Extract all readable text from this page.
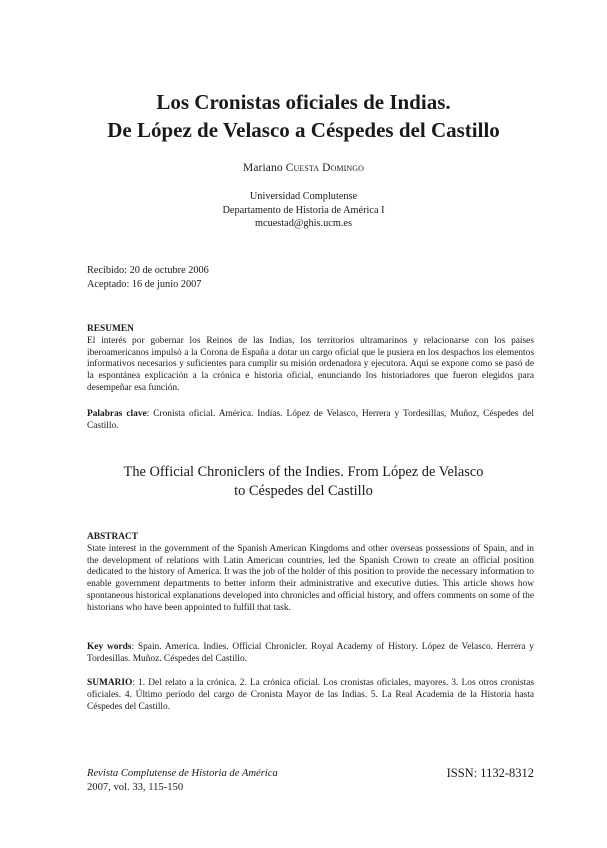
Los Cronistas oficiales de Indias.
De López de Velasco a Céspedes del Castillo
Mariano Cuesta Domingo
Universidad Complutense
Departamento de Historia de América I
mcuestad@ghis.ucm.es
Recibido: 20 de octubre 2006
Aceptado: 16 de junio 2007
RESUMEN
El interés por gobernar los Reinos de las Indias, los territorios ultramarinos y relacionarse con los países iberoamericanos impulsó a la Corona de España a dotar un cargo oficial que le pusiera en los despachos los elementos informativos necesarios y suficientes para cumplir su misión ordenadora y ejecutora. Aquí se expone como se pasó de la espontánea explicación a la crónica e historia oficial, enunciando los historiadores que fueron elegidos para desempeñar esa función.
Palabras clave: Cronista oficial. América. Indias. López de Velasco, Herrera y Tordesillas, Muñoz, Céspedes del Castillo.
The Official Chroniclers of the Indies. From López de Velasco
to Céspedes del Castillo
ABSTRACT
State interest in the government of the Spanish American Kingdoms and other overseas possessions of Spain, and in the development of relations with Latin American countries, led the Spanish Crown to create an official position dedicated to the history of America. It was the job of the holder of this position to provide the necessary information to enable government departments to better inform their administrative and executive duties. This article shows how spontaneous historical explanations developed into chronicles and official history, and offers comments on some of the historians who have been appointed to fulfill that task.
Key words: Spain. America. Indies. Official Chronicler. Royal Academy of History. López de Velasco. Herrera y Tordesillas. Muñoz. Céspedes del Castillo.
SUMARIO: 1. Del relato a la crónica. 2. La crónica oficial. Los cronistas oficiales, mayores. 3. Los otros cronistas oficiales. 4. Último período del cargo de Cronista Mayor de las Indias. 5. La Real Academia de la Historia hasta Céspedes del Castillo.
Revista Complutense de Historia de América
2007, vol. 33, 115-150
ISSN: 1132-8312
